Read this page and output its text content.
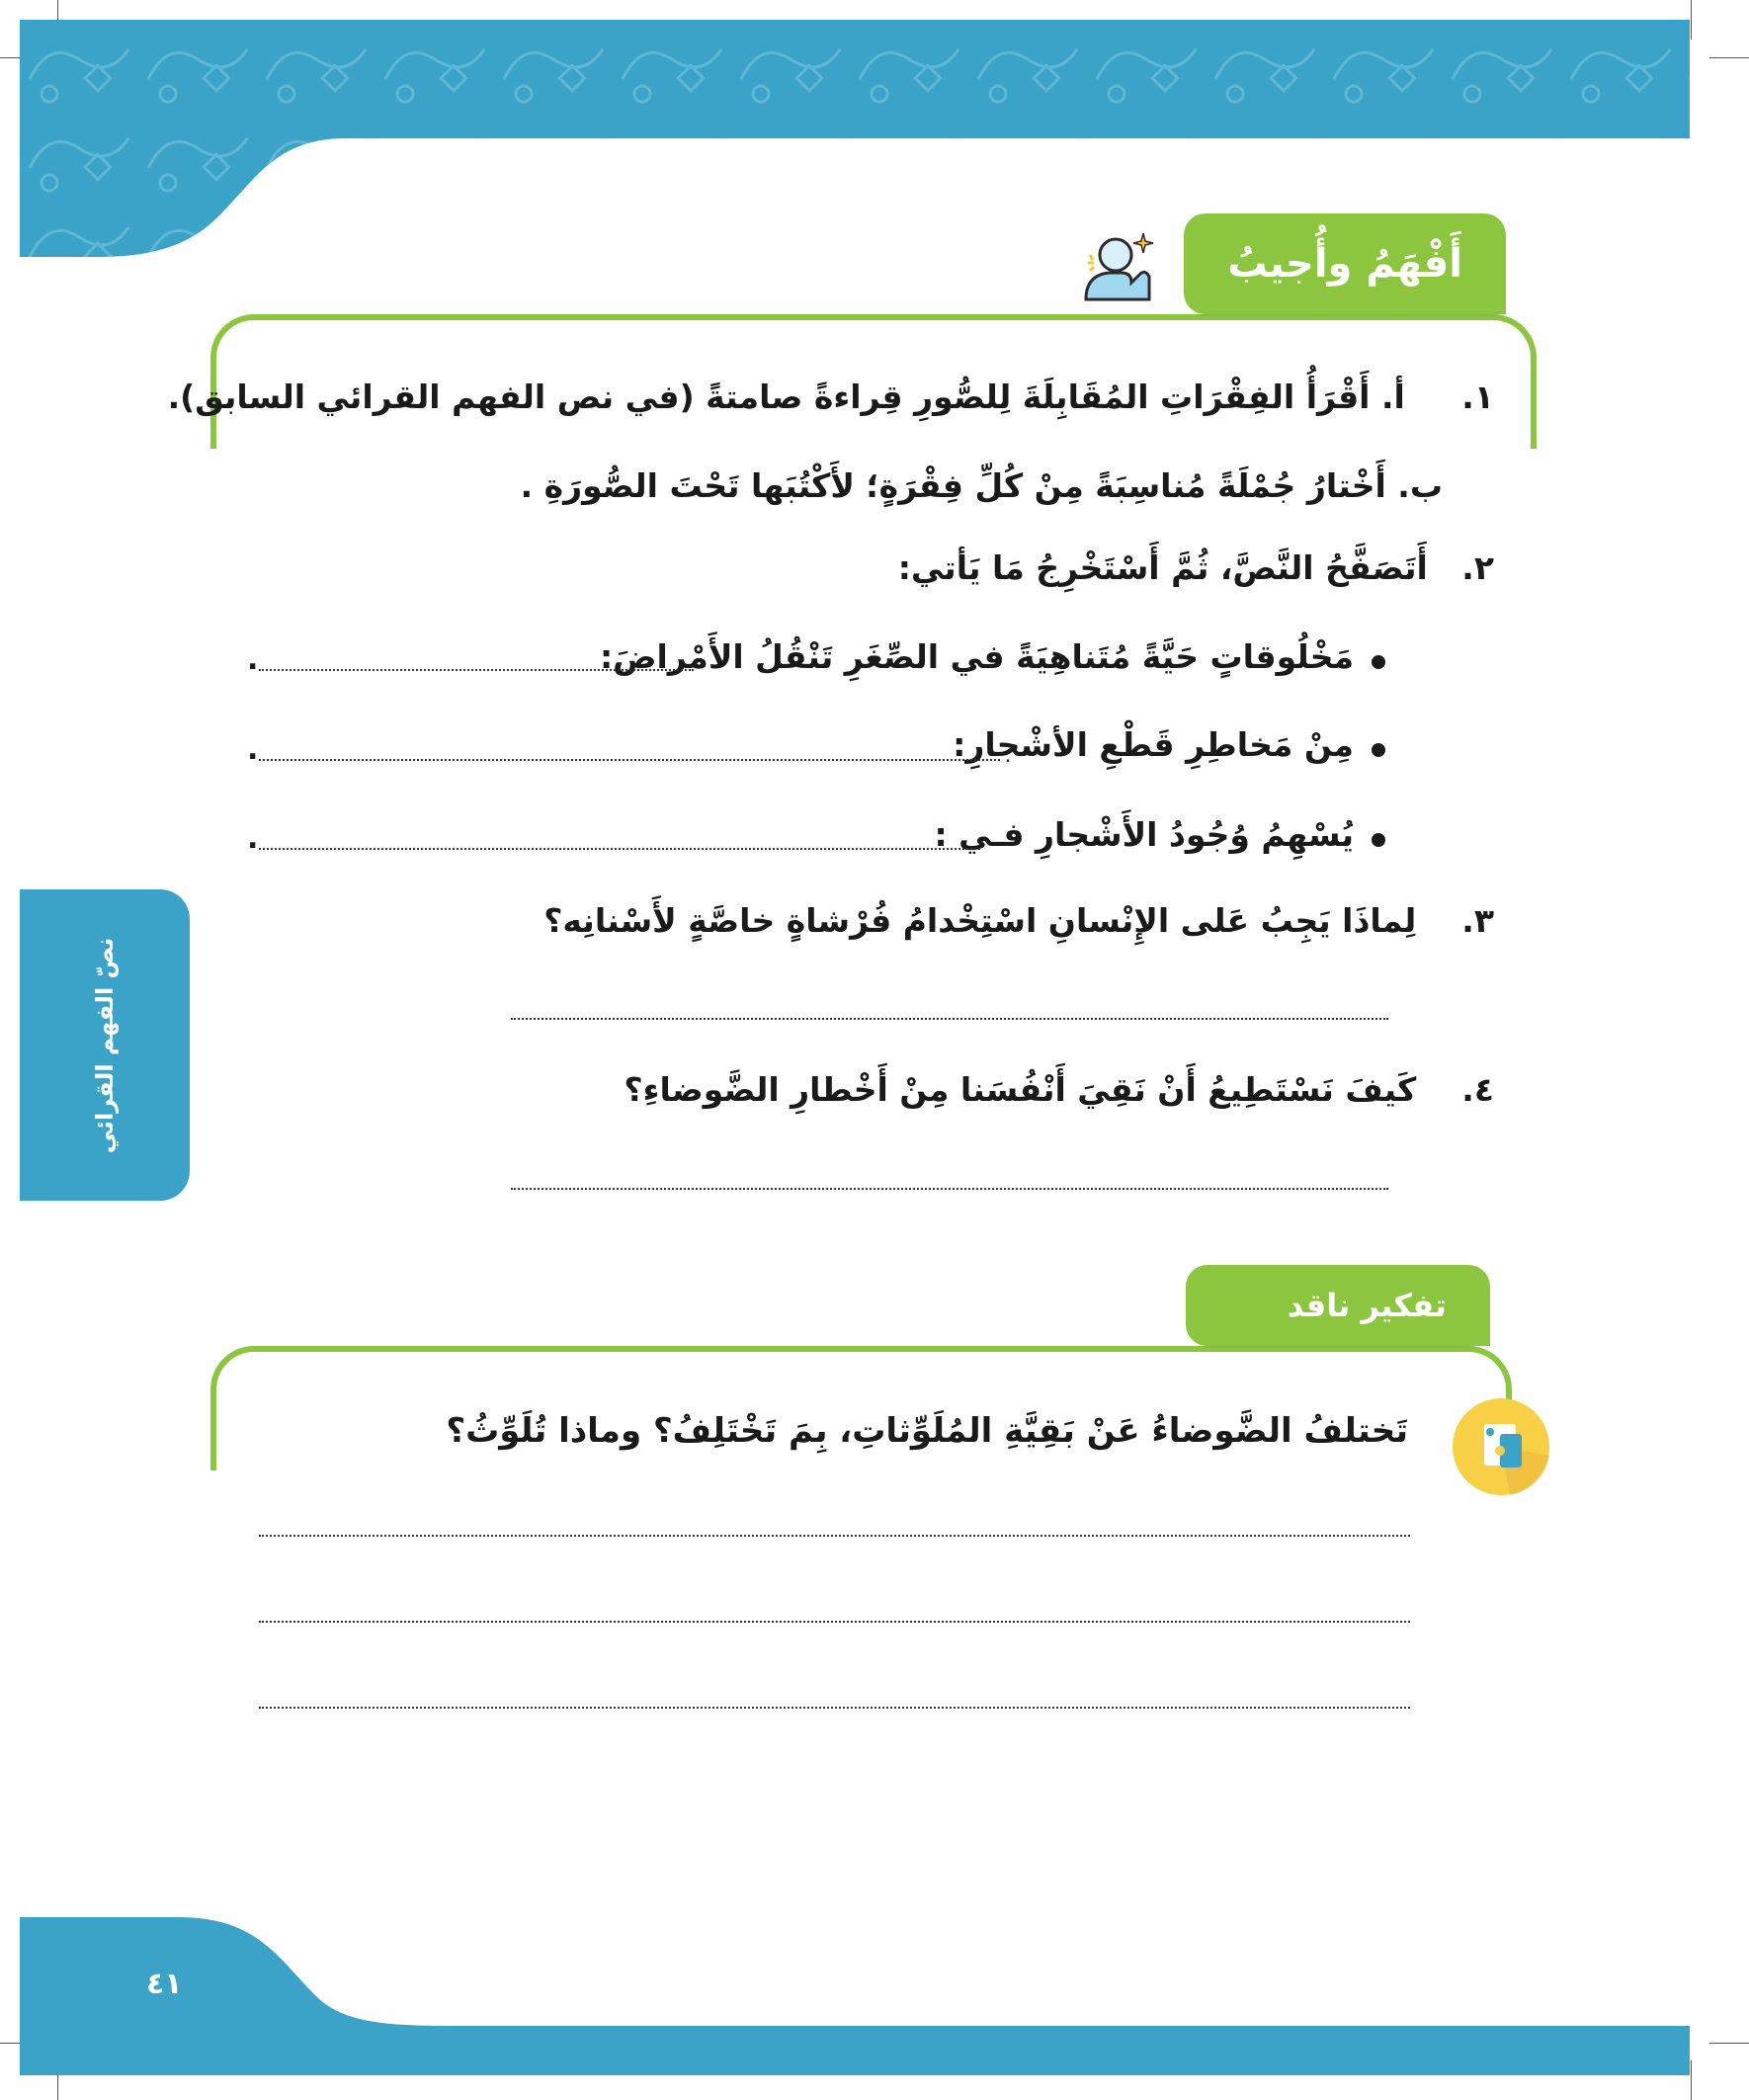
أَفْهَمُ وأُجيبُ
١.     أ. أَقْرَأُ الفِقْرَاتِ المُقَابِلَةَ لِلصُّورِ قِراءةً صامتةً (في نص الفهم القرائي السابق).
ب. أَخْتارُ جُمْلَةً مُناسِبَةً مِنْ كُلِّ فِقْرَةٍ؛ لأَكْتُبَها تَحْتَ الصُّورَةِ .
٢.   أَتَصَفَّحُ النَّصَّ، ثُمَّ أَسْتَخْرِجُ مَا يَأتي:
مَخْلُوقاتٍ حَيَّةً مُتَناهِيَةً في الصِّغَرِ تَنْقُلُ الأَمْراضَ:
.
مِنْ مَخاطِرِ قَطْعِ الأشْجارِ:
.
يُسْهِمُ وُجُودُ الأَشْجارِ فـي :
.
٣.    لِماذَا يَجِبُ عَلى الإِنْسانِ اسْتِخْدامُ فُرْشاةٍ خاصَّةٍ لأَسْنانِه؟
٤.    كَيفَ نَسْتَطِيعُ أَنْ نَقِيَ أَنْفُسَنا مِنْ أَخْطارِ الضَّوضاءِ؟
نصّ الفهم القرائي
تفكير ناقد
تَختلفُ الضَّوضاءُ عَنْ بَقِيَّةِ المُلَوِّثاتِ، بِمَ تَخْتَلِفُ؟ وماذا تُلَوِّثُ؟
٤١
